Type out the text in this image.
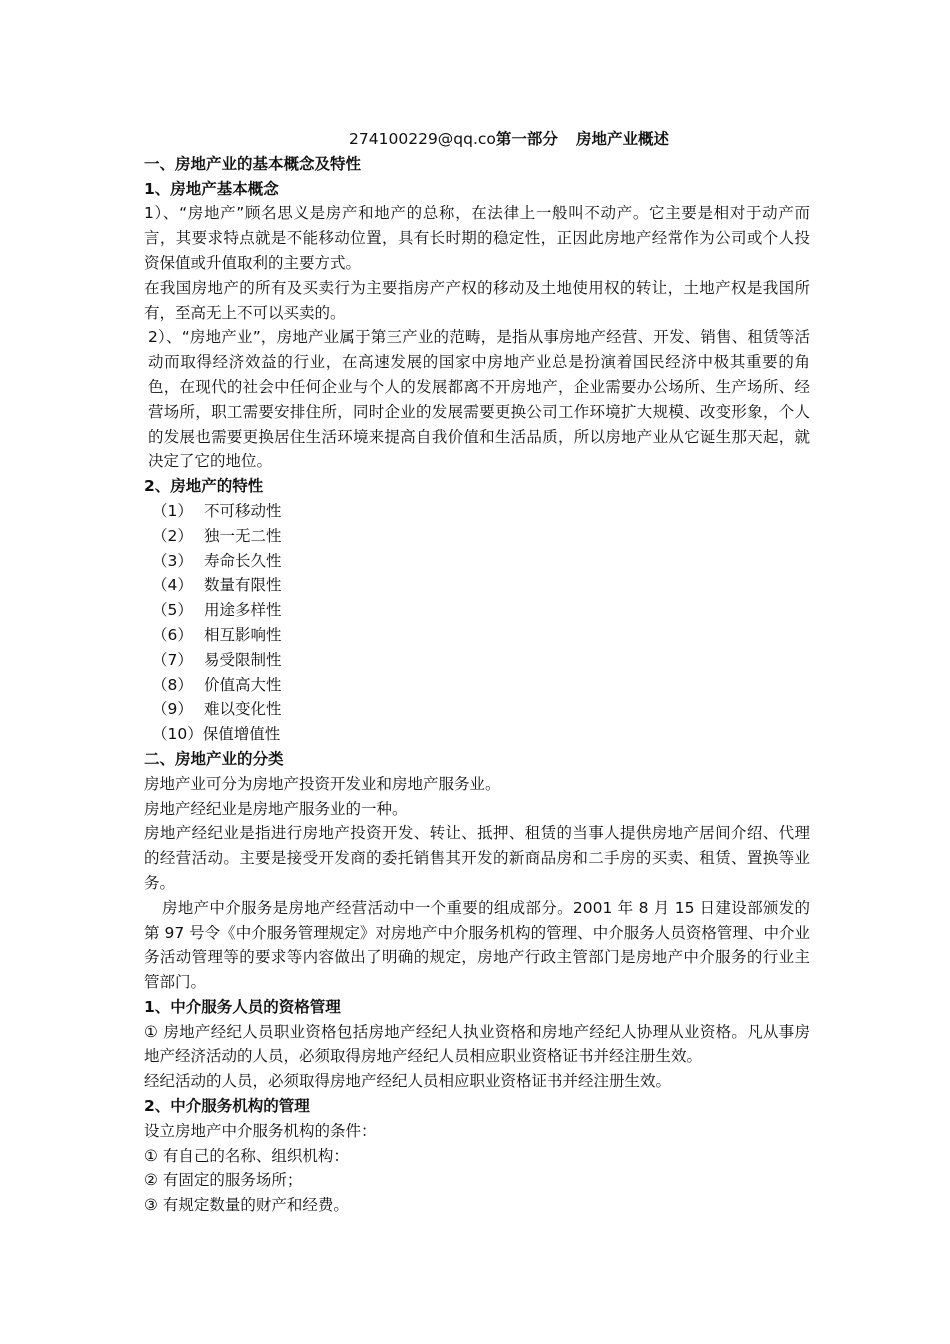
274100229@qq.co第一部分 房地产业概述
一、房地产业的基本概念及特性
1、房地产基本概念
1）、“房地产”顾名思义是房产和地产的总称，在法律上一般叫不动产。它主要是相对于动产而言，其要求特点就是不能移动位置，具有长时期的稳定性，正因此房地产经常作为公司或个人投资保值或升值取利的主要方式。
在我国房地产的所有及买卖行为主要指房产产权的移动及土地使用权的转让，土地产权是我国所有，至高无上不可以买卖的。
2）、“房地产业”，房地产业属于第三产业的范畴，是指从事房地产经营、开发、销售、租赁等活动而取得经济效益的行业，在高速发展的国家中房地产业总是扮演着国民经济中极其重要的角色，在现代的社会中任何企业与个人的发展都离不开房地产，企业需要办公场所、生产场所、经营场所，职工需要安排住所，同时企业的发展需要更换公司工作环境扩大规模、改变形象，个人的发展也需要更换居住生活环境来提高自我价值和生活品质，所以房地产业从它诞生那天起，就决定了它的地位。
2、房地产的特性
（1） 不可移动性
（2） 独一无二性
（3） 寿命长久性
（4） 数量有限性
（5） 用途多样性
（6） 相互影响性
（7） 易受限制性
（8） 价值高大性
（9） 难以变化性
（10）保值增值性
二、房地产业的分类
房地产业可分为房地产投资开发业和房地产服务业。
房地产经纪业是房地产服务业的一种。
房地产经纪业是指进行房地产投资开发、转让、抵押、租赁的当事人提供房地产居间介绍、代理的经营活动。主要是接受开发商的委托销售其开发的新商品房和二手房的买卖、租赁、置换等业务。
房地产中介服务是房地产经营活动中一个重要的组成部分。2001 年 8 月 15 日建设部颁发的第 97 号令《中介服务管理规定》对房地产中介服务机构的管理、中介服务人员资格管理、中介业务活动管理等的要求等内容做出了明确的规定，房地产行政主管部门是房地产中介服务的行业主管部门。
1、中介服务人员的资格管理
① 房地产经纪人员职业资格包括房地产经纪人执业资格和房地产经纪人协理从业资格。凡从事房地产经济活动的人员，必须取得房地产经纪人员相应职业资格证书并经注册生效。
经纪活动的人员，必须取得房地产经纪人员相应职业资格证书并经注册生效。
2、中介服务机构的管理
设立房地产中介服务机构的条件：
① 有自己的名称、组织机构：
② 有固定的服务场所；
③ 有规定数量的财产和经费。
